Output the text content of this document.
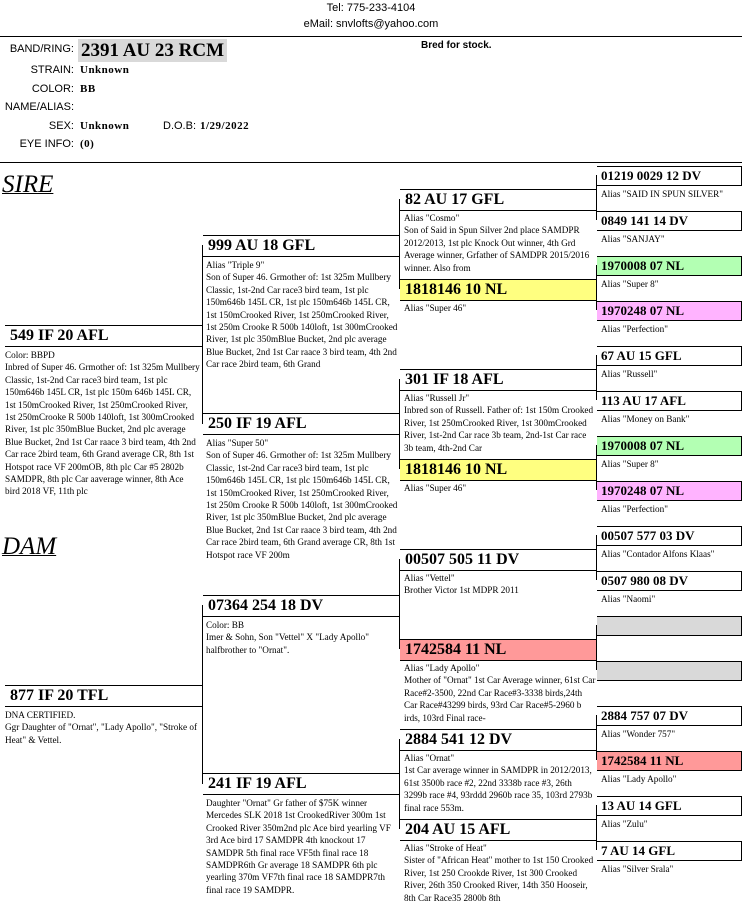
Tel: 775-233-4104
eMail: snvlofts@yahoo.com
Bred for stock.
BAND/RING: 2391 AU 23 RCM
STRAIN: Unknown
COLOR: BB
NAME/ALIAS:
SEX: Unknown	D.O.B: 1/29/2022
EYE INFO: (0)
SIRE
DAM
549 IF 20 AFL
Color: BBPD
Inbred of Super 46. Grmother of: 1st 325m Mullbery Classic, 1st-2nd Car race3 bird team, 1st plc 150m646b 145L CR, 1st plc 150m 646b 145L CR, 1st 150mCrooked River, 1st 250mCrooked River, 1st 250mCrooke R 500b 140loft, 1st 300mCrooked River, 1st plc 350mBlue Bucket, 2nd plc average Blue Bucket, 2nd 1st Car raace 3 bird team, 4th 2nd Car race 2bird team, 6th Grand average CR, 8th 1st Hotspot race VF 200mOB, 8th plc Car #5 2802b SAMDPR, 8th plc Car aaverage winner, 8th Ace bird 2018 VF, 11th plc
877 IF 20 TFL
DNA CERTIFIED.
Ggr Daughter of "Ornat", "Lady Apollo", "Stroke of Heat" & Vettel.
999 AU 18 GFL
Alias "Triple 9"
Son of Super 46. Grmother of: 1st 325m Mullbery Classic, 1st-2nd Car race3 bird team, 1st plc 150m646b 145L CR, 1st plc 150m646b 145L CR, 1st 150mCrooked River, 1st 250mCrooked River, 1st 250m Crooke R 500b 140loft, 1st 300mCrooked River, 1st plc 350mBlue Bucket, 2nd plc average Blue Bucket, 2nd 1st Car raace 3 bird team, 4th 2nd Car race 2bird team, 6th Grand
250 IF 19 AFL
Alias "Super 50"
Son of Super 46. Grmother of: 1st 325m Mullbery Classic, 1st-2nd Car race3 bird team, 1st plc 150m646b 145L CR, 1st plc 150m646b 145L CR, 1st 150mCrooked River, 1st 250mCrooked River, 1st 250m Crooke R 500b 140loft, 1st 300mCrooked River, 1st plc 350mBlue Bucket, 2nd plc average Blue Bucket, 2nd 1st Car raace 3 bird team, 4th 2nd Car race 2bird team, 6th Grand average CR, 8th 1st Hotspot race VF 200m
07364 254 18 DV
Color: BB
Imer & Sohn, Son "Vettel" X "Lady Apollo" halfbrother to "Ornat".
241 IF 19 AFL
Daughter "Ornat" Gr father of $75K winner Mercedes SLK 2018 1st CrookedRiver 300m 1st Crooked River 350m2nd plc Ace bird yearling VF 3rd Ace bird 17 SAMDPR 4th knockout 17 SAMDPR 5th final race VF5th final race 18 SAMDPR6th Gr average 18 SAMDPR 6th plc yearling 370m VF7th final race 18 SAMDPR7th final race 19 SAMDPR.
82 AU 17 GFL
Alias "Cosmo"
Son of Said in Spun Silver 2nd place SAMDPR 2012/2013, 1st plc Knock Out winner, 4th Grd Average winner, Grfather of SAMDPR 2015/2016 winner. Also from
1818146 10 NL
Alias "Super 46"
301 IF 18 AFL
Alias "Russell Jr"
Inbred son of Russell. Father of: 1st 150m Crooked River, 1st 250mCrooked River, 1st 300mCrooked River, 1st-2nd Car race 3b team, 2nd-1st Car race 3b team, 4th-2nd Car
1818146 10 NL
Alias "Super 46"
00507 505 11 DV
Alias "Vettel"
Brother Victor 1st MDPR 2011
1742584 11 NL
Alias "Lady Apollo"
Mother of "Ornat" 1st Car Average winner, 61st Car Race#2-3500, 22nd Car Race#3-3338 birds,24th Car Race#43299 birds, 93rd Car Race#5-2960 b irds, 103rd Final race-
2884 541 12 DV
Alias "Ornat"
1st Car average winner in SAMDPR in 2012/2013, 61st 3500b race #2, 22nd 3338b race #3, 26th 3299b race #4, 93rddd 2960b race 35, 103rd 2793b final race 553m.
204 AU 15 AFL
Alias "Stroke of Heat"
Sister of "African Heat" mother to 1st 150 Crooked River, 1st 250 Crookde River, 1st 300 Crooked River, 26th 350 Crooked River, 14th 350 Hooseir, 8th Car Race35 2800b 8th
01219 0029 12 DV
Alias "SAID IN SPUN SILVER"
0849 141 14 DV
Alias "SANJAY"
1970008 07 NL
Alias "Super 8"
1970248 07 NL
Alias "Perfection"
67 AU 15 GFL
Alias "Russell"
113 AU 17 AFL
Alias "Money on Bank"
1970008 07 NL
Alias "Super 8"
1970248 07 NL
Alias "Perfection"
00507 577 03 DV
Alias "Contador Alfons Klaas"
0507 980 08 DV
Alias "Naomi"
2884 757 07 DV
Alias "Wonder 757"
1742584 11 NL
Alias "Lady Apollo"
13 AU 14 GFL
Alias "Zulu"
7 AU 14 GFL
Alias "Silver Srala"
